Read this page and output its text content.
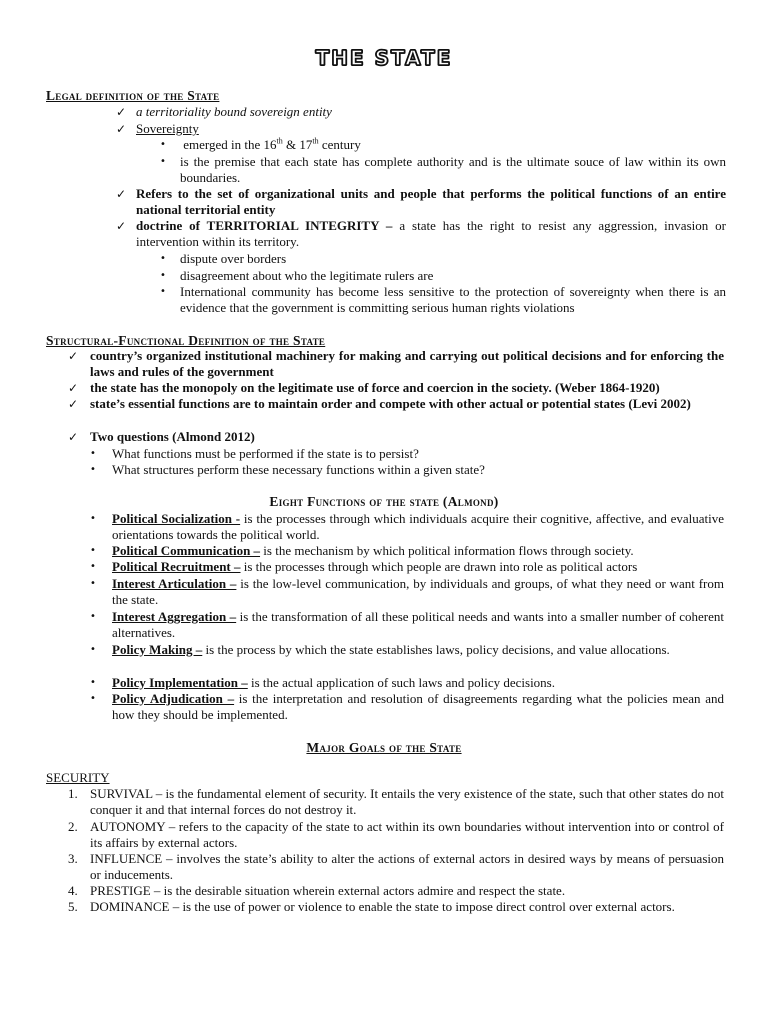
THE STATE
Legal definition of the State
✓ a territoriality bound sovereign entity
✓ Sovereignty
•	emerged in the 16th & 17th century
•	is the premise that each state has complete authority and is the ultimate souce of law within its own boundaries.
✓ Refers to the set of organizational units and people that performs the political functions of an entire national territorial entity
✓ doctrine of TERRITORIAL INTEGRITY – a state has the right to resist any aggression, invasion or intervention within its territory.
•	dispute over borders
•	disagreement about who the legitimate rulers are
•	International community has become less sensitive to the protection of sovereignty when there is an evidence that the government is committing serious human rights violations
Structural-Functional Definition of the State
✓ country’s organized institutional machinery for making and carrying out political decisions and for enforcing the laws and rules of the government
✓ the state has the monopoly on the legitimate use of force and coercion in the society. (Weber 1864-1920)
✓ state’s essential functions are to maintain order and compete with other actual or potential states (Levi 2002)
✓ Two questions (Almond 2012)
•	What functions must be performed if the state is to persist?
•	What structures perform these necessary functions within a given state?
Eight Functions of the state (Almond)
•	Political Socialization - is the processes through which individuals acquire their cognitive, affective, and evaluative orientations towards the political world.
•	Political Communication – is the mechanism by which political information flows through society.
•	Political Recruitment – is the processes through which people are drawn into role as political actors
•	Interest Articulation – is the low-level communication, by individuals and groups, of what they need or want from the state.
•	Interest Aggregation – is the transformation of all these political needs and wants into a smaller number of coherent alternatives.
•	Policy Making – is the process by which the state establishes laws, policy decisions, and value allocations.
•	Policy Implementation – is the actual application of such laws and policy decisions.
•	Policy Adjudication – is the interpretation and resolution of disagreements regarding what the policies mean and how they should be implemented.
Major Goals of the State
SECURITY
1. SURVIVAL – is the fundamental element of security. It entails the very existence of the state, such that other states do not conquer it and that internal forces do not destroy it.
2. AUTONOMY – refers to the capacity of the state to act within its own boundaries without intervention into or control of its affairs by external actors.
3. INFLUENCE – involves the state’s ability to alter the actions of external actors in desired ways by means of persuasion or inducements.
4. PRESTIGE – is the desirable situation wherein external actors admire and respect the state.
5. DOMINANCE – is the use of power or violence to enable the state to impose direct control over external actors.
